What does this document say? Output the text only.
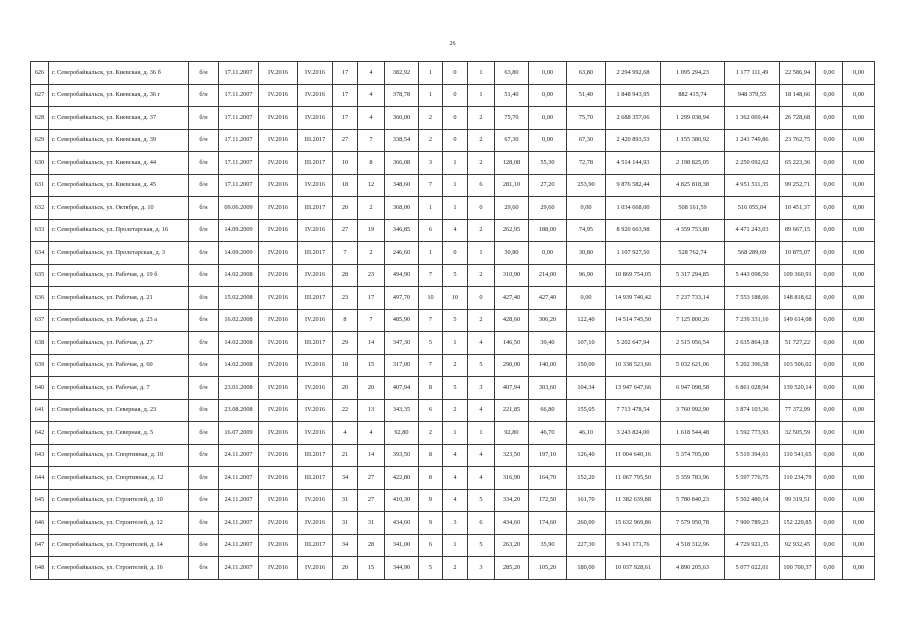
26
626	г. Северобайкальск, ул. Киевская, д. 36 б	б/н	17.11.2007	IV.2016	IV.2016	17	4	382,92	1	0	1	63,80	0,00	63,80	2 294 992,68	1 095 294,23	1 177 111,49	22 586,94	0,00	0,00
627	г. Северобайкальск, ул. Киевская, д. 36 г	б/н	17.11.2007	IV.2016	IV.2016	17	4	378,78	1	0	1	51,40	0,00	51,40	1 848 943,95	882 415,74	948 379,55	18 148,66	0,00	0,00
628	г. Северобайкальск, ул. Киевская, д. 37	б/н	17.11.2007	IV.2016	IV.2016	17	4	360,00	2	0	2	75,70	0,00	75,70	2 688 357,06	1 299 038,94	1 362 069,44	26 728,68	0,00	0,00
629	г. Северобайкальск, ул. Киевская, д. 39	б/н	17.11.2007	IV.2016	III.2017	27	7	338,54	2	0	2	67,30	0,00	67,30	2 420 893,53	1 155 380,92	1 241 749,86	23 762,75	0,00	0,00
630	г. Северобайкальск, ул. Киевская, д. 44	б/н	17.11.2007	IV.2016	III.2017	10	8	366,08	3	1	2	128,08	55,30	72,78	4 514 144,93	2 198 825,05	2 250 092,62	65 223,36	0,00	0,00
631	г. Северобайкальск, ул. Киевская, д. 45	б/н	17.11.2007	IV.2016	IV.2016	18	12	348,60	7	1	6	281,10	27,20	253,90	9 876 582,44	4 825 818,38	4 951 511,35	99 252,71	0,00	0,00
632	г. Северобайкальск, ул. Октября, д. 10	б/н	09.06.2009	IV.2016	III.2017	20	2	368,00	1	1	0	29,60	29,60	0,00	1 034 668,00	508 161,59	516 055,04	10 451,37	0,00	0,00
633	г. Северобайкальск, ул. Пролетарская, д. 16	б/н	14.09.2009	IV.2016	IV.2016	27	19	346,85	6	4	2	262,95	188,00	74,95	8 920 663,98	4 359 753,80	4 471 243,03	89 667,15	0,00	0,00
634	г. Северобайкальск, ул. Пролетарская, д. 3	б/н	14.09.2009	IV.2016	III.2017	7	2	246,60	1	0	1	30,80	0,00	30,80	1 107 927,50	528 762,74	568 289,69	10 875,07	0,00	0,00
635	г. Северобайкальск, ул. Рабочая, д. 19 б	б/н	14.02.2008	IV.2016	IV.2016	28	23	494,90	7	5	2	310,90	214,00	96,90	10 869 754,05	5 317 294,85	5 443 098,50	109 360,91	0,00	0,00
636	г. Северобайкальск, ул. Рабочая, д. 21	б/н	15.02.2008	IV.2016	III.2017	23	17	497,70	10	10	0	427,40	427,40	0,00	14 939 740,42	7 237 733,14	7 553 188,66	148 818,62	0,00	0,00
637	г. Северобайкальск, ул. Рабочая, д. 23 а	б/н	16.02.2008	IV.2016	IV.2016	8	7	485,90	7	5	2	428,60	306,20	122,40	14 514 745,50	7 125 800,26	7 239 331,16	149 614,08	0,00	0,00
638	г. Северобайкальск, ул. Рабочая, д. 27	б/н	14.02.2008	IV.2016	III.2017	29	14	347,30	5	1	4	146,50	39,40	107,10	5 202 647,94	2 515 056,54	2 635 864,18	51 727,22	0,00	0,00
639	г. Северобайкальск, ул. Рабочая, д. 60	б/н	14.02.2008	IV.2016	IV.2016	18	15	317,00	7	2	5	290,00	140,00	150,00	10 338 523,66	5 032 621,06	5 202 396,58	103 506,02	0,00	0,00
640	г. Северобайкальск, ул. Рабочая, д. 7	б/н	23.01.2008	IV.2016	IV.2016	20	20	407,94	8	5	3	407,94	303,60	104,34	13 947 647,66	6 947 098,58	6 861 028,94	139 520,14	0,00	0,00
641	г. Северобайкальск, ул. Северная, д. 23	б/н	23.08.2008	IV.2016	IV.2016	22	13	343,35	6	2	4	221,85	66,80	155,05	7 713 478,54	3 760 992,90	3 874 103,36	77 372,99	0,00	0,00
642	г. Северобайкальск, ул. Северная, д. 5	б/н	16.07.2009	IV.2016	IV.2016	4	4	92,80	2	1	1	92,80	46,70	46,10	3 243 824,00	1 618 544,48	1 592 773,93	32 505,59	0,00	0,00
643	г. Северобайкальск, ул. Спортивная, д. 10	б/н	24.11.2007	IV.2016	III.2017	21	14	393,50	8	4	4	323,50	197,10	126,40	11 004 640,16	5 374 705,00	5 519 394,61	110 541,65	0,00	0,00
644	г. Северобайкальск, ул. Спортивная, д. 12	б/н	24.11.2007	IV.2016	III.2017	34	27	422,80	8	4	4	316,90	164,70	152,20	11 067 795,50	5 359 783,96	5 597 776,75	110 234,79	0,00	0,00
645	г. Северобайкальск, ул. Строителей, д. 10	б/н	24.11.2007	IV.2016	IV.2016	31	27	410,30	9	4	5	334,20	172,50	161,70	11 382 639,88	5 780 840,23	5 502 480,14	99 319,51	0,00	0,00
646	г. Северобайкальск, ул. Строителей, д. 12	б/н	24.11.2007	IV.2016	IV.2016	31	31	434,60	9	3	6	434,60	174,60	260,00	15 632 969,86	7 579 950,78	7 900 789,23	152 229,85	0,00	0,00
647	г. Северобайкальск, ул. Строителей, д. 14	б/н	24.11.2007	IV.2016	III.2017	34	28	341,00	6	1	5	263,20	35,90	227,30	9 341 171,76	4 518 312,96	4 729 921,35	92 932,45	0,00	0,00
648	г. Северобайкальск, ул. Строителей, д. 16	б/н	24.11.2007	IV.2016	IV.2016	20	15	344,90	5	2	3	285,20	105,20	180,00	10 037 928,61	4 890 205,63	5 077 022,01	100 700,37	0,00	0,00
